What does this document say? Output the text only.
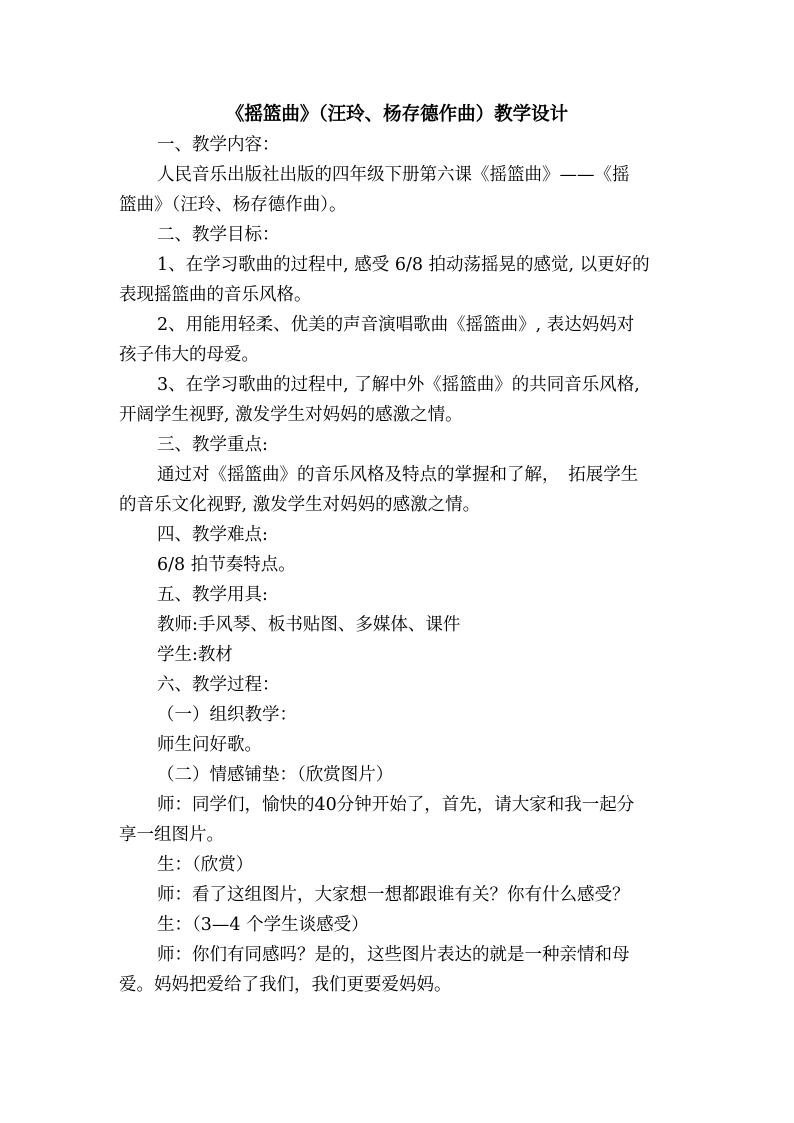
《摇篮曲》（汪玲、杨存德作曲）教学设计
一、教学内容：
人民音乐出版社出版的四年级下册第六课《摇篮曲》——《摇
篮曲》（汪玲、杨存德作曲）。
二、教学目标：
1、在学习歌曲的过程中, 感受 6/8 拍动荡摇晃的感觉, 以更好的
表现摇篮曲的音乐风格。
2、用能用轻柔、优美的声音演唱歌曲《摇篮曲》, 表达妈妈对
孩子伟大的母爱。
3、在学习歌曲的过程中, 了解中外《摇篮曲》的共同音乐风格,
开阔学生视野, 激发学生对妈妈的感激之情。
三、教学重点:
通过对《摇篮曲》的音乐风格及特点的掌握和了解，　拓展学生
的音乐文化视野, 激发学生对妈妈的感激之情。
四、教学难点:
6/8 拍节奏特点。
五、教学用具:
教师:手风琴、板书贴图、多媒体、课件
学生:教材
六、教学过程：
（一）组织教学：
师生问好歌。
（二）情感铺垫：（欣赏图片）
师：同学们，愉快的40分钟开始了，首先，请大家和我一起分
享一组图片。
生：（欣赏）
师：看了这组图片，大家想一想都跟谁有关？你有什么感受？
生：（3—4 个学生谈感受）
师：你们有同感吗？是的，这些图片表达的就是一种亲情和母
爱。妈妈把爱给了我们，我们更要爱妈妈。
